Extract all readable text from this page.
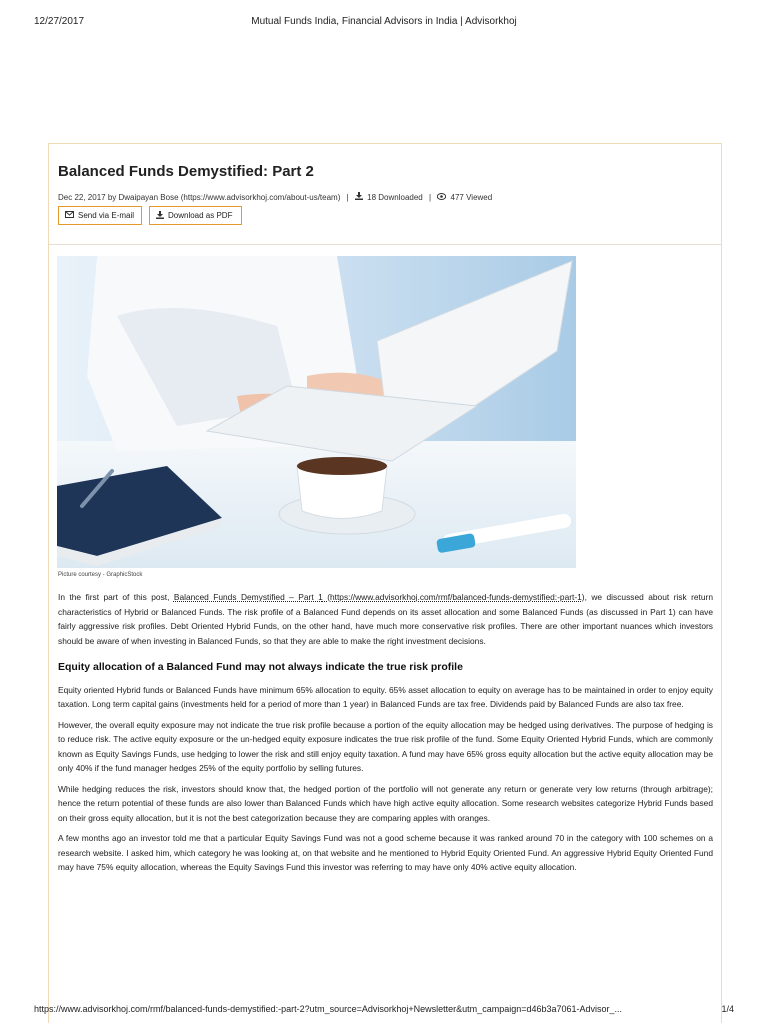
12/27/2017	Mutual Funds India, Financial Advisors in India | Advisorkhoj
Balanced Funds Demystified: Part 2
Dec 22, 2017 by Dwaipayan Bose (https://www.advisorkhoj.com/about-us/team) | 18 Downloaded | 477 Viewed
Send via E-mail	Download as PDF
Picture courtesy - GraphicStock

In the first part of this post, Balanced Funds Demystified – Part 1 (https://www.advisorkhoj.com/rmf/balanced-funds-demystified:-part-1), we discussed about risk return characteristics of Hybrid or Balanced Funds. The risk profile of a Balanced Fund depends on its asset allocation and some Balanced Funds (as discussed in Part 1) can have fairly aggressive risk profiles. Debt Oriented Hybrid Funds, on the other hand, have much more conservative risk profiles. There are other important nuances which investors should be aware of when investing in Balanced Funds, so that they are able to make the right investment decisions.

Equity allocation of a Balanced Fund may not always indicate the true risk profile

Equity oriented Hybrid funds or Balanced Funds have minimum 65% allocation to equity. 65% asset allocation to equity on average has to be maintained in order to enjoy equity taxation. Long term capital gains (investments held for a period of more than 1 year) in Balanced Funds are tax free. Dividends paid by Balanced Funds are also tax free.

However, the overall equity exposure may not indicate the true risk profile because a portion of the equity allocation may be hedged using derivatives. The purpose of hedging is to reduce risk. The active equity exposure or the un-hedged equity exposure indicates the true risk profile of the fund. Some Equity Oriented Hybrid Funds, which are commonly known as Equity Savings Funds, use hedging to lower the risk and still enjoy equity taxation. A fund may have 65% gross equity allocation but the active equity allocation may be only 40% if the fund manager hedges 25% of the equity portfolio by selling futures.

While hedging reduces the risk, investors should know that, the hedged portion of the portfolio will not generate any return or generate very low returns (through arbitrage); hence the return potential of these funds are also lower than Balanced Funds which have high active equity allocation. Some research websites categorize Hybrid Funds based on their gross equity allocation, but it is not the best categorization because they are comparing apples with oranges.

A few months ago an investor told me that a particular Equity Savings Fund was not a good scheme because it was ranked around 70 in the category with 100 schemes on a research website. I asked him, which category he was looking at, on that website and he mentioned to Hybrid Equity Oriented Fund. An aggressive Hybrid Equity Oriented Fund may have 75% equity allocation, whereas the Equity Savings Fund this investor was referring to may have only 40% active equity allocation.

https://www.advisorkhoj.com/rmf/balanced-funds-demystified:-part-2?utm_source=Advisorkhoj+Newsletter&utm_campaign=d46b3a7061-Advisor_...	1/4
